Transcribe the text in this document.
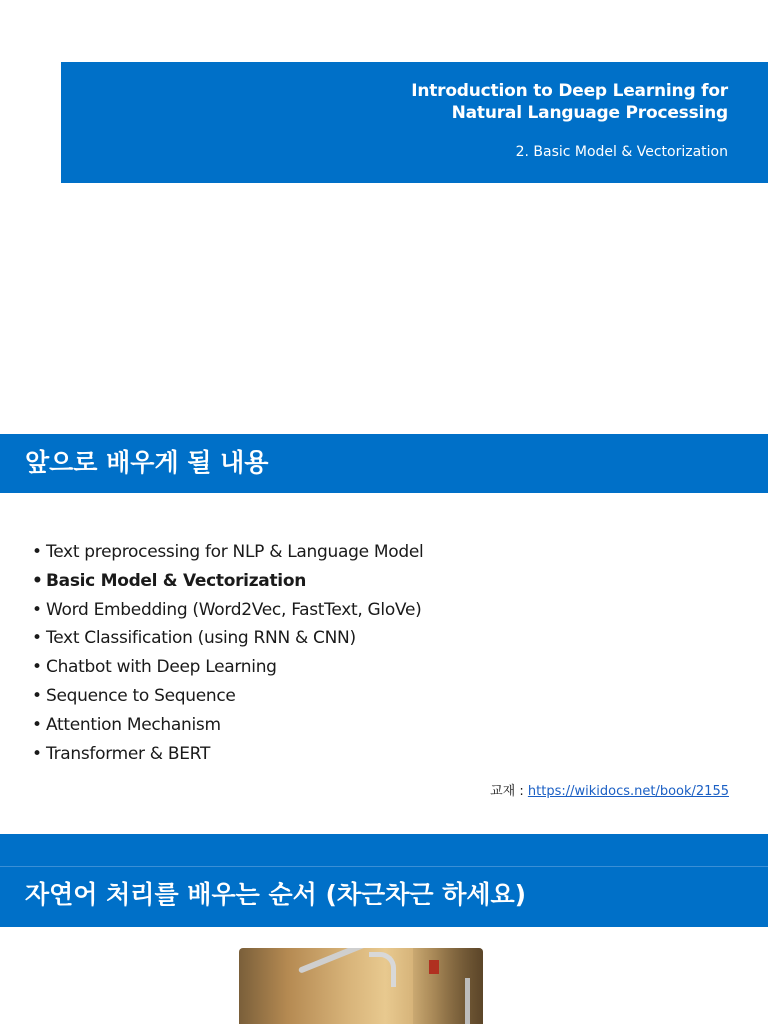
Introduction to Deep Learning for
Natural Language Processing
2. Basic Model & Vectorization
앞으로 배우게 될 내용
• Text preprocessing for NLP & Language Model
• Basic Model & Vectorization
• Word Embedding (Word2Vec, FastText, GloVe)
• Text Classification (using RNN & CNN)
• Chatbot with Deep Learning
• Sequence to Sequence
• Attention Mechanism
• Transformer & BERT
교재 : https://wikidocs.net/book/2155
자연어 처리를 배우는 순서 (차근차근 하세요)
